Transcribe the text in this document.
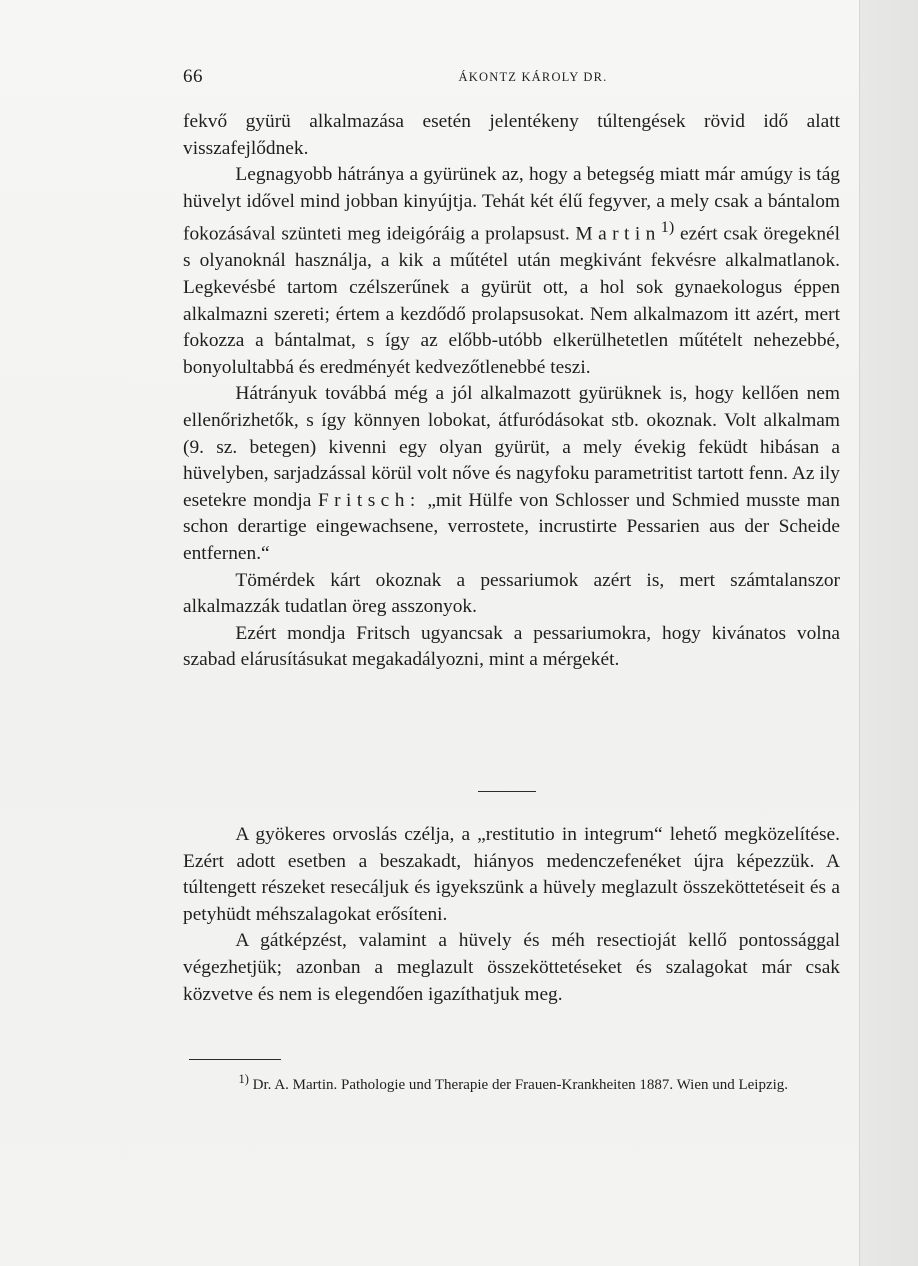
66	ÁKONTZ KÁROLY DR.

fekvő gyürü alkalmazása esetén jelentékeny túltengések rövid idő alatt visszafejlődnek.

Legnagyobb hátránya a gyürünek az, hogy a betegség miatt már amúgy is tág hüvelyt idővel mind jobban kinyújtja. Tehát két élű fegyver, a mely csak a bántalom fokozásával szünteti meg ideigóráig a prolapsust. Martin$^{1)}$ ezért csak öregeknél s olyanoknál használja, a kik a műtétel után megkivánt fekvésre alkalmatlanok. Legkevésbé tartom czélszerűnek a gyürüt ott, a hol sok gynaekologus éppen alkalmazni szereti; értem a kezdődő prolapsusokat. Nem alkalmazom itt azért, mert fokozza a bántalmat, s így az előbb-utóbb elkerülhetetlen műtételt nehezebbé, bonyolultabbá és eredményét kedvezőtlenebbé teszi.

Hátrányuk továbbá még a jól alkalmazott gyürüknek is, hogy kellően nem ellenőrizhetők, s így könnyen lobokat, átfuródásokat stb. okoznak. Volt alkalmam (9. sz. betegen) kivenni egy olyan gyürüt, a mely évekig feküdt hibásan a hüvelyben, sarjadzással körül volt nőve és nagyfoku parametritist tartott fenn. Az ily esetekre mondja Fritsch: „mit Hülfe von Schlosser und Schmied musste man schon derartige eingewachsene, verrostete, incrustirte Pessarien aus der Scheide entfernen.“

Tömérdek kárt okoznak a pessariumok azért is, mert számtalanszor alkalmazzák tudatlan öreg asszonyok.

Ezért mondja Fritsch ugyancsak a pessariumokra, hogy kivánatos volna szabad elárusításukat megakadályozni, mint a mérgekét.

A gyökeres orvoslás czélja, a „restitutio in integrum“ lehető megközelítése. Ezért adott esetben a beszakadt, hiányos medenczefenéket újra képezzük. A túltengett részeket resecáljuk és igyekszünk a hüvely meglazult összeköttetéseit és a petyhüdt méhszalagokat erősíteni.

A gátképzést, valamint a hüvely és méh resectioját kellő pontossággal végezhetjük; azonban a meglazult összeköttetéseket és szalagokat már csak közvetve és nem is elegendően igazíthatjuk meg.

$^{1)}$ Dr. A. Martin. Pathologie und Therapie der Frauen-Krankheiten 1887. Wien und Leipzig.
